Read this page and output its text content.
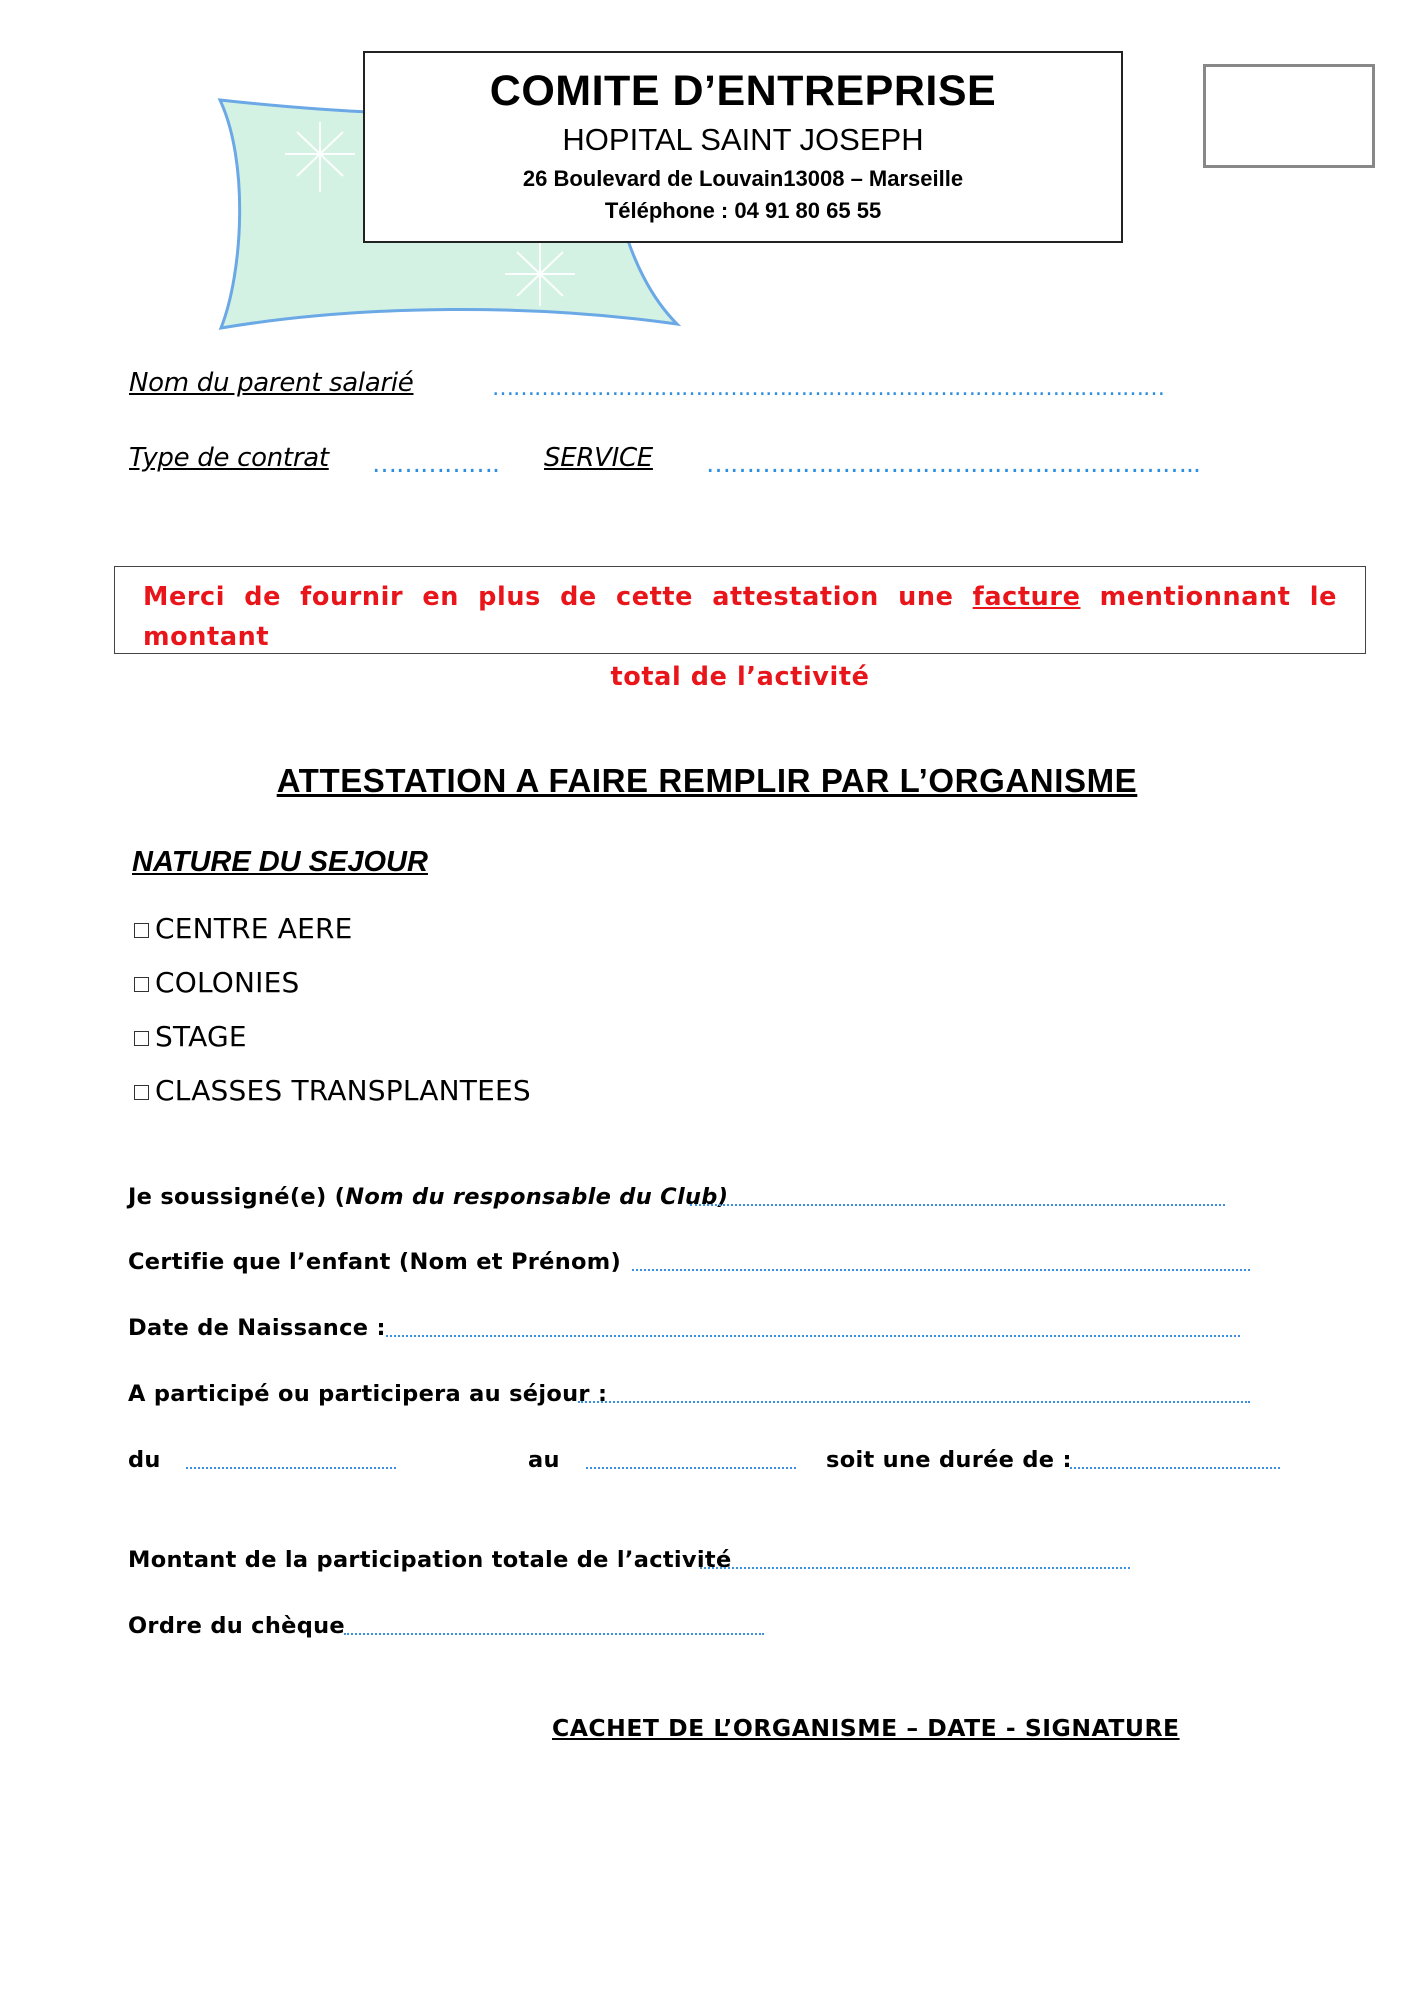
COMITE D’ENTREPRISE
HOPITAL SAINT JOSEPH
26 Boulevard de Louvain13008 – Marseille
Téléphone : 04 91 80 65 55
Nom du parent salarié	……………………………………………………………………………………
Type de contrat ……………. SERVICE ……………………………………………………..
Merci de fournir en plus de cette attestation une facture mentionnant le montant
total de l’activité
ATTESTATION A FAIRE REMPLIR PAR L’ORGANISME
NATURE DU SEJOUR
CENTRE AERE
COLONIES
STAGE
CLASSES TRANSPLANTEES
Je soussigné(e) (Nom du responsable du Club)
Certifie que l’enfant (Nom et Prénom)
Date de Naissance :
A participé ou participera au séjour :
du	au	soit une durée de :
Montant de la participation totale de l’activité
Ordre du chèque
CACHET DE L’ORGANISME – DATE - SIGNATURE
